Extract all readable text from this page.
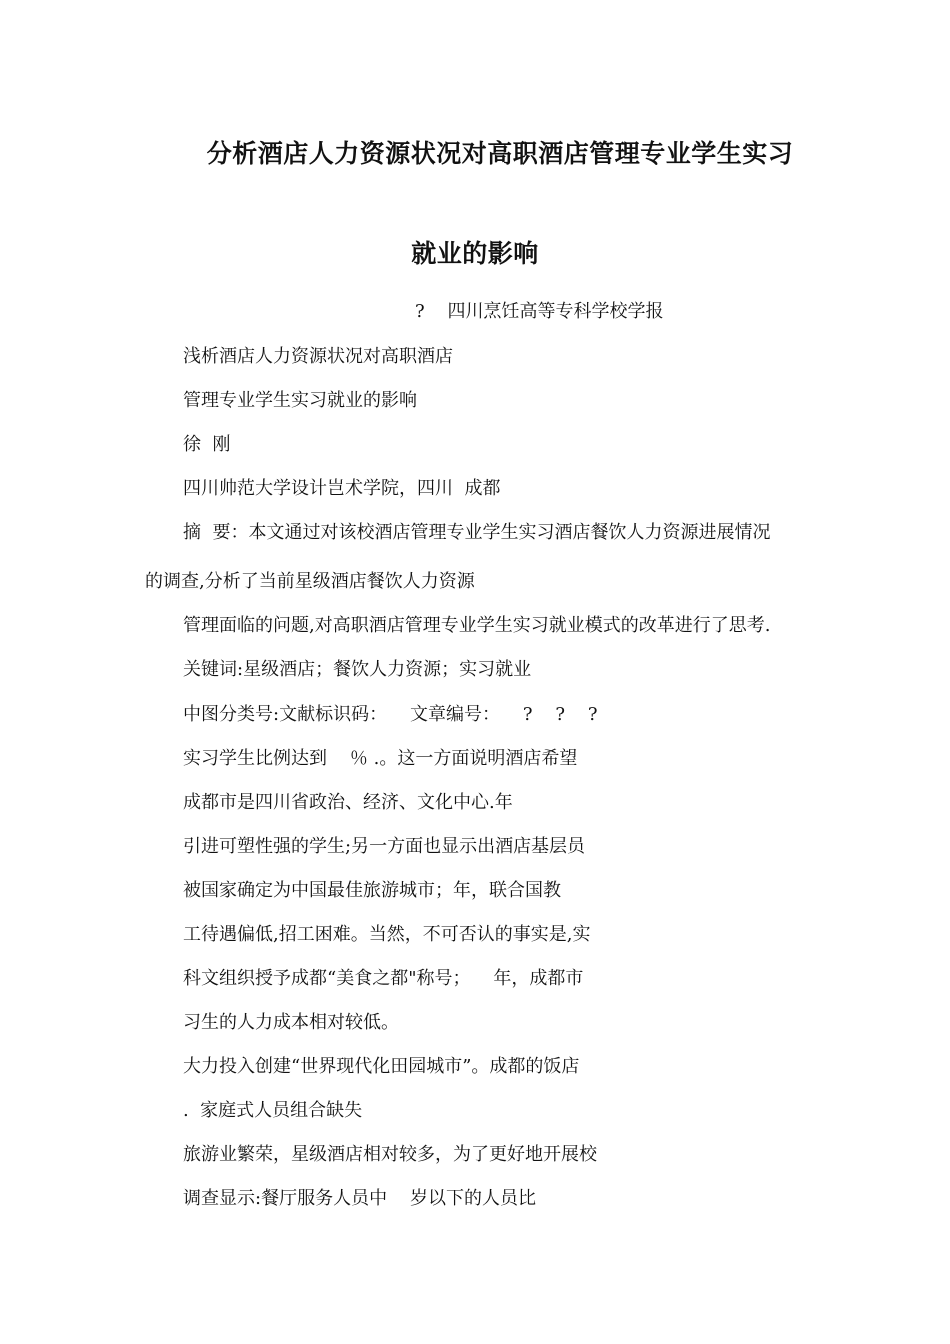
分析酒店人力资源状况对高职酒店管理专业学生实习
就业的影响
?    四川烹饪高等专科学校学报
浅析酒店人力资源状况对高职酒店
管理专业学生实习就业的影响
徐  刚
四川帅范大学设计岂术学院，四川  成都
摘  要：本文通过对该校酒店管理专业学生实习酒店餐饮人力资源进展情况
的调查,分析了当前星级酒店餐饮人力资源
管理面临的问题,对高职酒店管理专业学生实习就业模式的改革进行了思考.
关键词:星级酒店；餐饮人力资源；实习就业
中图分类号:文献标识码：    文章编号：    ?    ?    ?
实习学生比例达到    ％ .。这一方面说明酒店希望
成都市是四川省政治、经济、文化中心.年
引进可塑性强的学生;另一方面也显示出酒店基层员
被国家确定为中国最佳旅游城市；年，联合国教
工待遇偏低,招工困难。当然，不可否认的事实是,实
科文组织授予成都“美食之都"称号；    年，成都市
习生的人力成本相对较低。
大力投入创建“世界现代化田园城市”。成都的饭店
.  家庭式人员组合缺失
旅游业繁荣，星级酒店相对较多，为了更好地开展校
调查显示:餐厅服务人员中    岁以下的人员比
